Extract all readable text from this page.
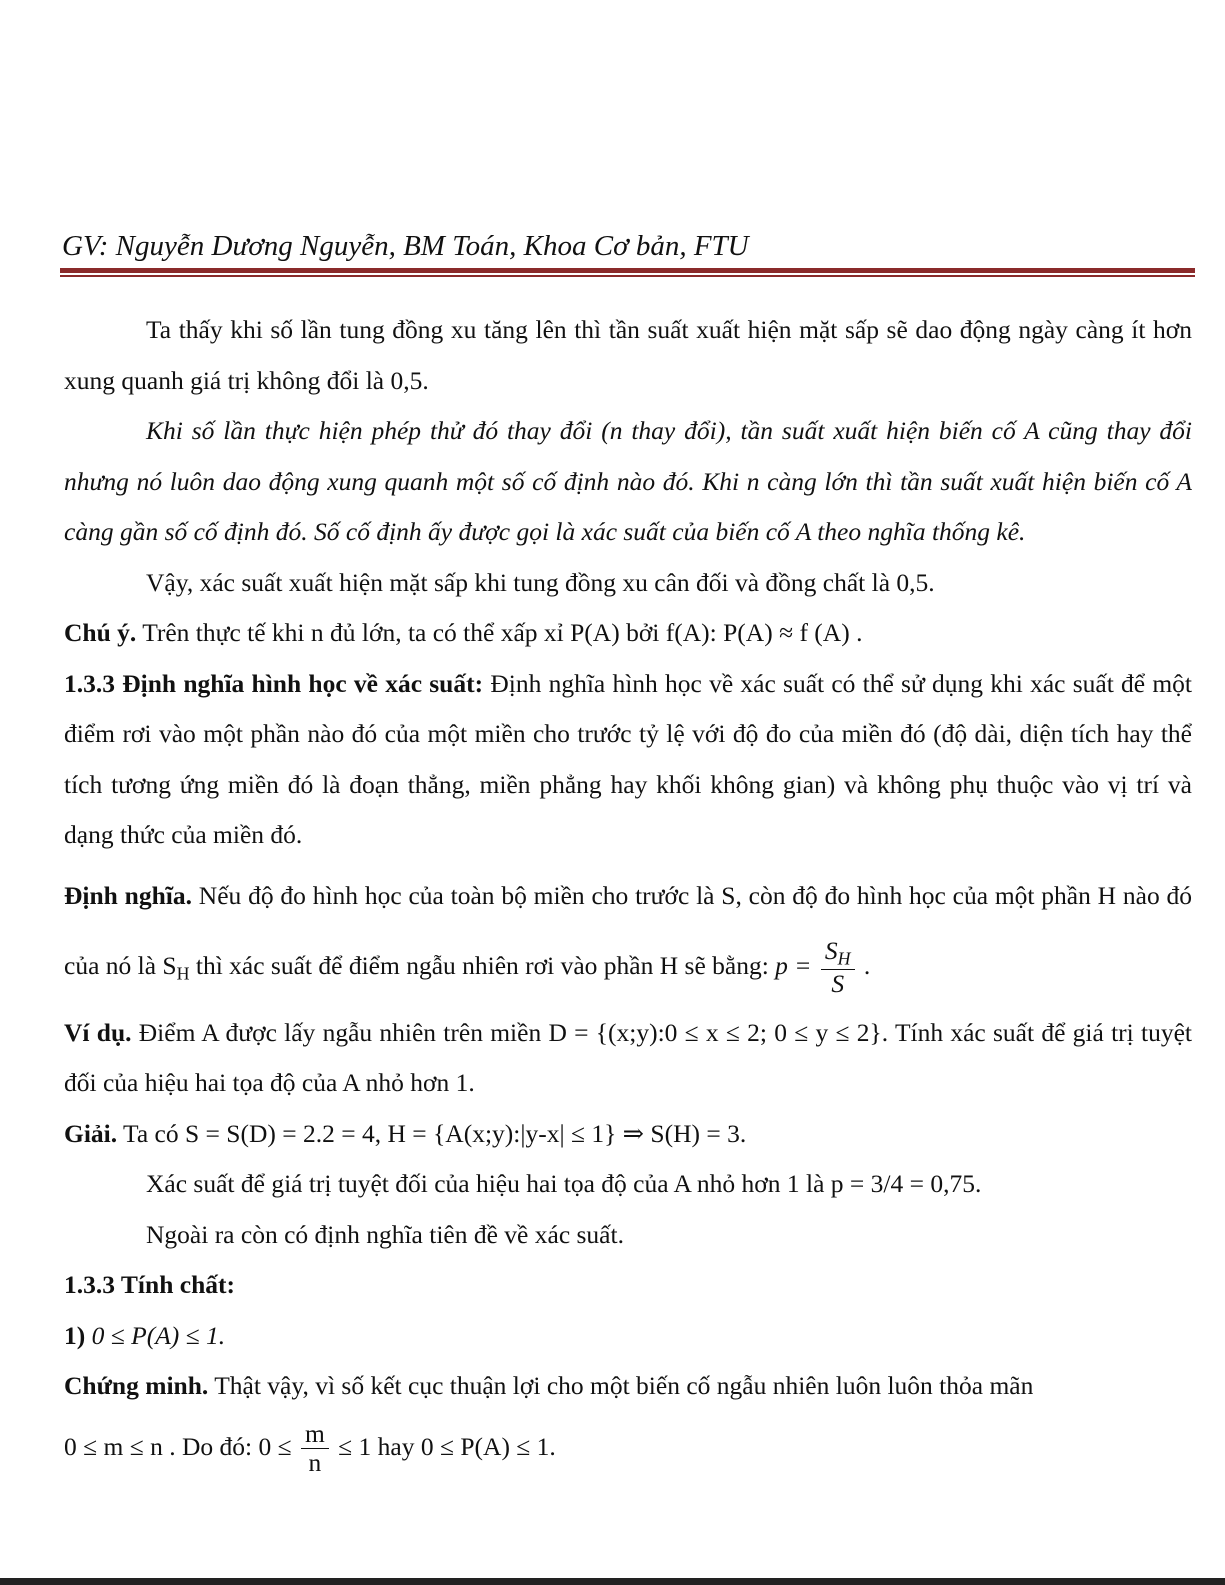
GV: Nguyễn Dương Nguyễn, BM Toán, Khoa Cơ bản, FTU

Ta thấy khi số lần tung đồng xu tăng lên thì tần suất xuất hiện mặt sấp sẽ dao động ngày càng ít hơn xung quanh giá trị không đổi là 0,5.

Khi số lần thực hiện phép thử đó thay đổi (n thay đổi), tần suất xuất hiện biến cố A cũng thay đổi nhưng nó luôn dao động xung quanh một số cố định nào đó. Khi n càng lớn thì tần suất xuất hiện biến cố A càng gần số cố định đó. Số cố định ấy được gọi là xác suất của biến cố A theo nghĩa thống kê.

Vậy, xác suất xuất hiện mặt sấp khi tung đồng xu cân đối và đồng chất là 0,5.

Chú ý. Trên thực tế khi n đủ lớn, ta có thể xấp xỉ P(A) bởi f(A): P(A) ≈ f (A) .

1.3.3 Định nghĩa hình học về xác suất: Định nghĩa hình học về xác suất có thể sử dụng khi xác suất để một điểm rơi vào một phần nào đó của một miền cho trước tỷ lệ với độ đo của miền đó (độ dài, diện tích hay thể tích tương ứng miền đó là đoạn thẳng, miền phẳng hay khối không gian) và không phụ thuộc vào vị trí và dạng thức của miền đó.

Định nghĩa. Nếu độ đo hình học của toàn bộ miền cho trước là S, còn độ đo hình học của một phần H nào đó của nó là $S_H$ thì xác suất để điểm ngẫu nhiên rơi vào phần H sẽ bằng: $p = \frac{S_H}{S}$ .

Ví dụ. Điểm A được lấy ngẫu nhiên trên miền D = {(x;y):0 ≤ x ≤ 2; 0 ≤ y ≤ 2}. Tính xác suất để giá trị tuyệt đối của hiệu hai tọa độ của A nhỏ hơn 1.

Giải. Ta có S = S(D) = 2.2 = 4, H = {A(x;y):|y-x| ≤ 1} ⇒ S(H) = 3.

Xác suất để giá trị tuyệt đối của hiệu hai tọa độ của A nhỏ hơn 1 là p = 3/4 = 0,75.

Ngoài ra còn có định nghĩa tiên đề về xác suất.

1.3.3 Tính chất:

1) 0 ≤ P(A) ≤ 1.

Chứng minh. Thật vậy, vì số kết cục thuận lợi cho một biến cố ngẫu nhiên luôn luôn thỏa mãn

0 ≤ m ≤ n . Do đó: $0 \le \frac{m}{n} \le 1$ hay 0 ≤ P(A) ≤ 1.
